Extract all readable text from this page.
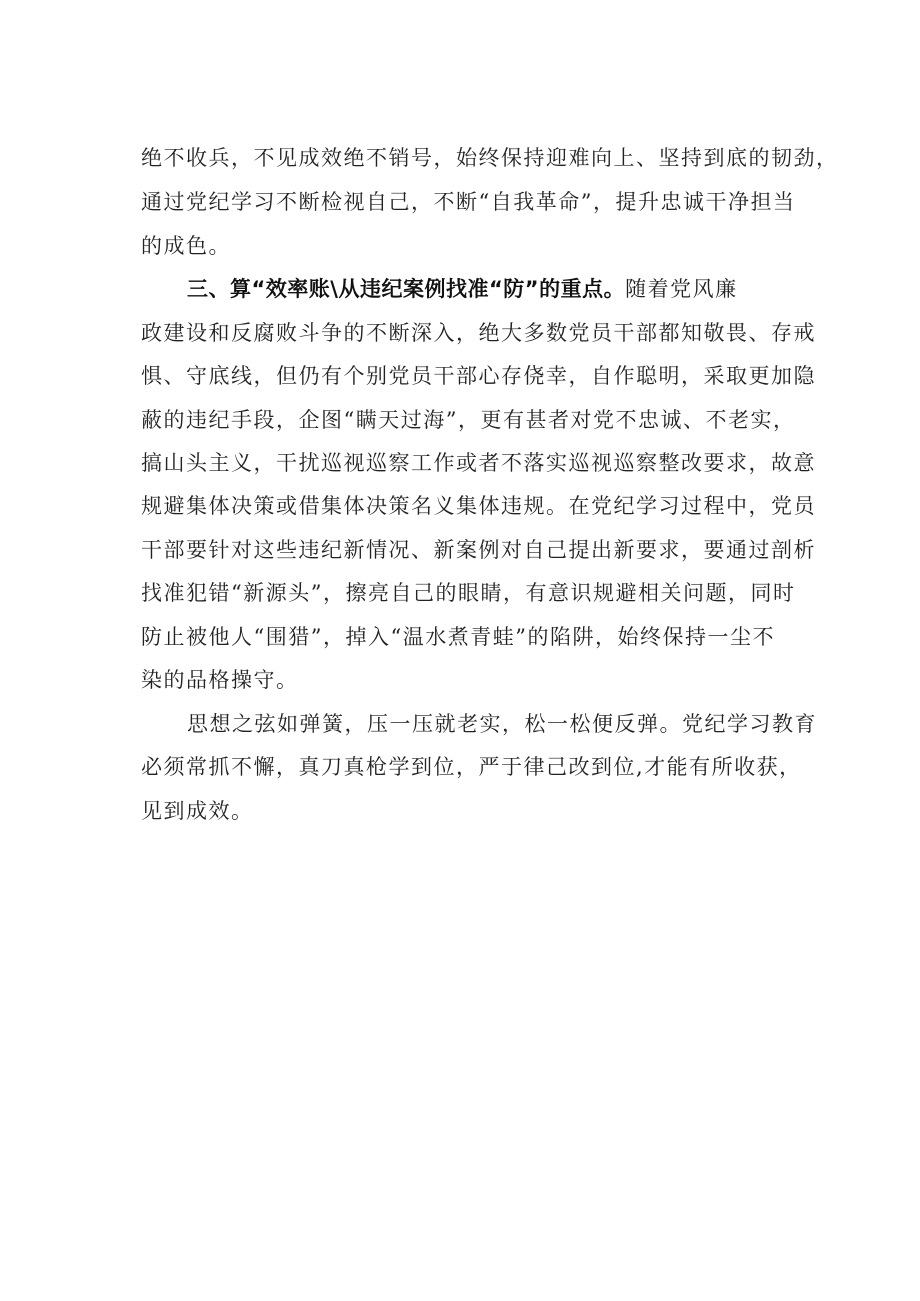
绝不收兵，不见成效绝不销号，始终保持迎难向上、坚持到底的韧劲，
通过党纪学习不断检视自己，不断“自我革命”，提升忠诚干净担当
的成色。
三、算“效率账\从违纪案例找准“防”的重点。随着党风廉
政建设和反腐败斗争的不断深入，绝大多数党员干部都知敬畏、存戒
惧、守底线，但仍有个别党员干部心存侥幸，自作聪明，采取更加隐
蔽的违纪手段，企图“瞒天过海”，更有甚者对党不忠诚、不老实，
搞山头主义，干扰巡视巡察工作或者不落实巡视巡察整改要求，故意
规避集体决策或借集体决策名义集体违规。在党纪学习过程中，党员
干部要针对这些违纪新情况、新案例对自己提出新要求，要通过剖析
找准犯错“新源头”，擦亮自己的眼睛，有意识规避相关问题，同时
防止被他人“围猎”，掉入“温水煮青蛙”的陷阱，始终保持一尘不
染的品格操守。
思想之弦如弹簧，压一压就老实，松一松便反弹。党纪学习教育
必须常抓不懈，真刀真枪学到位，严于律己改到位,才能有所收获，
见到成效。
